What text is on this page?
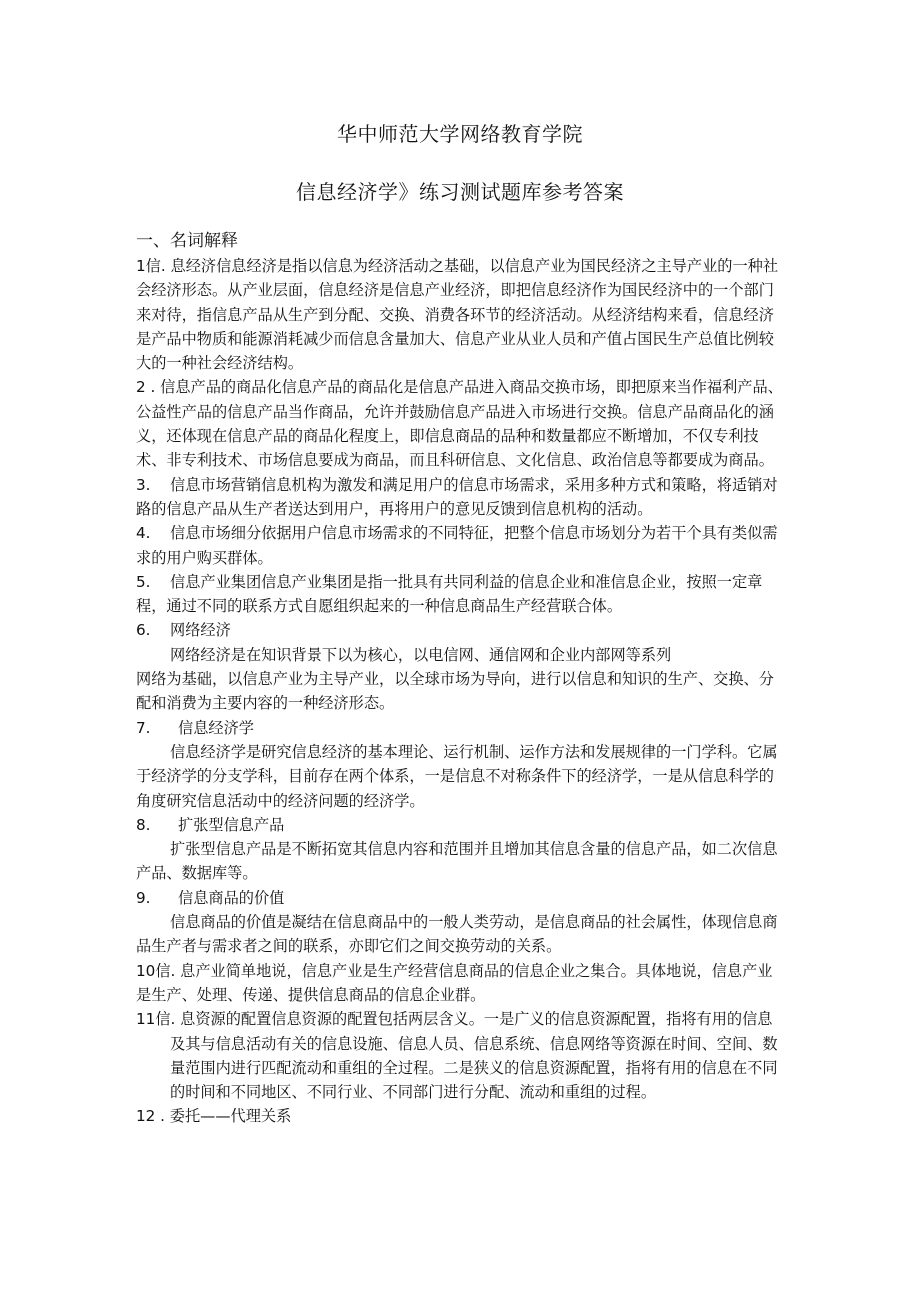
华中师范大学网络教育学院
信息经济学》练习测试题库参考答案
一、名词解释

1信. 息经济信息经济是指以信息为经济活动之基础，以信息产业为国民经济之主导产业的一种社会经济形态。从产业层面，信息经济是信息产业经济，即把信息经济作为国民经济中的一个部门来对待，指信息产品从生产到分配、交换、消费各环节的经济活动。从经济结构来看，信息经济是产品中物质和能源消耗减少而信息含量加大、信息产业从业人员和产值占国民生产总值比例较大的一种社会经济结构。

2 . 信息产品的商品化信息产品的商品化是信息产品进入商品交换市场，即把原来当作福利产品、公益性产品的信息产品当作商品，允许并鼓励信息产品进入市场进行交换。信息产品商品化的涵义，还体现在信息产品的商品化程度上，即信息商品的品种和数量都应不断增加，不仅专利技术、非专利技术、市场信息要成为商品，而且科研信息、文化信息、政治信息等都要成为商品。

3. 信息市场营销信息机构为激发和满足用户的信息市场需求，采用多种方式和策略，将适销对路的信息产品从生产者送达到用户，再将用户的意见反馈到信息机构的活动。

4. 信息市场细分依据用户信息市场需求的不同特征，把整个信息市场划分为若干个具有类似需求的用户购买群体。

5. 信息产业集团信息产业集团是指一批具有共同利益的信息企业和准信息企业，按照一定章程，通过不同的联系方式自愿组织起来的一种信息商品生产经营联合体。

6. 网络经济

网络经济是在知识背景下以为核心，以电信网、通信网和企业内部网等系列

网络为基础，以信息产业为主导产业，以全球市场为导向，进行以信息和知识的生产、交换、分配和消费为主要内容的一种经济形态。

7. 信息经济学

信息经济学是研究信息经济的基本理论、运行机制、运作方法和发展规律的一门学科。它属于经济学的分支学科，目前存在两个体系，一是信息不对称条件下的经济学，一是从信息科学的角度研究信息活动中的经济问题的经济学。

8. 扩张型信息产品

扩张型信息产品是不断拓宽其信息内容和范围并且增加其信息含量的信息产品，如二次信息产品、数据库等。

9. 信息商品的价值

信息商品的价值是凝结在信息商品中的一般人类劳动，是信息商品的社会属性，体现信息商品生产者与需求者之间的联系，亦即它们之间交换劳动的关系。

10信. 息产业简单地说，信息产业是生产经营信息商品的信息企业之集合。具体地说，信息产业是生产、处理、传递、提供信息商品的信息企业群。

11信. 息资源的配置信息资源的配置包括两层含义。一是广义的信息资源配置，指将有用的信息及其与信息活动有关的信息设施、信息人员、信息系统、信息网络等资源在时间、空间、数量范围内进行匹配流动和重组的全过程。二是狭义的信息资源配置，指将有用的信息在不同的时间和不同地区、不同行业、不同部门进行分配、流动和重组的过程。

12 . 委托——代理关系
